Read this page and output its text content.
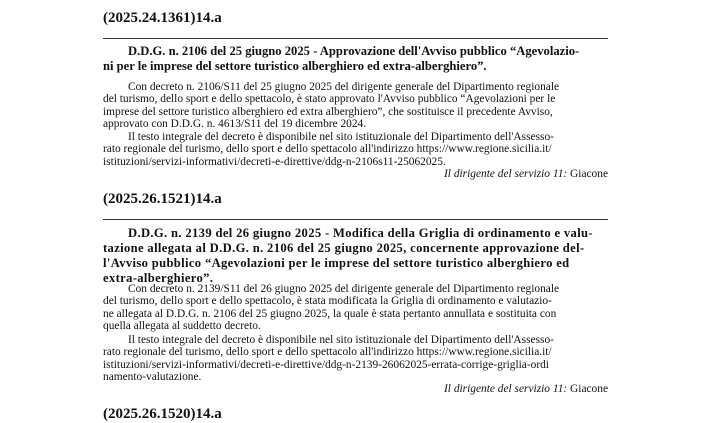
(2025.24.1361)14.a
D.D.G. n. 2106 del 25 giugno 2025 - Approvazione dell'Avviso pubblico “Agevolazio-
ni per le imprese del settore turistico alberghiero ed extra-alberghiero”.
Con decreto n. 2106/S11 del 25 giugno 2025 del dirigente generale del Dipartimento regionale
del turismo, dello sport e dello spettacolo, è stato approvato l'Avviso pubblico “Agevolazioni per le
imprese del settore turistico alberghiero ed extra alberghiero”, che sostituisce il precedente Avviso,
approvato con D.D.G. n. 4613/S11 del 19 dicembre 2024.
Il testo integrale del decreto è disponibile nel sito istituzionale del Dipartimento dell'Assesso-
rato regionale del turismo, dello sport e dello spettacolo all'indirizzo https://www.regione.sicilia.it/
istituzioni/servizi-informativi/decreti-e-direttive/ddg-n-2106s11-25062025.
Il dirigente del servizio 11: Giacone
(2025.26.1521)14.a
D.D.G. n. 2139 del 26 giugno 2025 - Modifica della Griglia di ordinamento e valu-
tazione allegata al D.D.G. n. 2106 del 25 giugno 2025, concernente approvazione del-
l'Avviso pubblico “Agevolazioni per le imprese del settore turistico alberghiero ed
extra-alberghiero”.
Con decreto n. 2139/S11 del 26 giugno 2025 del dirigente generale del Dipartimento regionale
del turismo, dello sport e dello spettacolo, è stata modificata la Griglia di ordinamento e valutazio-
ne allegata al D.D.G. n. 2106 del 25 giugno 2025, la quale è stata pertanto annullata e sostituita con
quella allegata al suddetto decreto.
Il testo integrale del decreto è disponibile nel sito istituzionale del Dipartimento dell'Assesso-
rato regionale del turismo, dello sport e dello spettacolo all'indirizzo https://www.regione.sicilia.it/
istituzioni/servizi-informativi/decreti-e-direttive/ddg-n-2139-26062025-errata-corrige-griglia-ordi
namento-valutazione.
Il dirigente del servizio 11: Giacone
(2025.26.1520)14.a
